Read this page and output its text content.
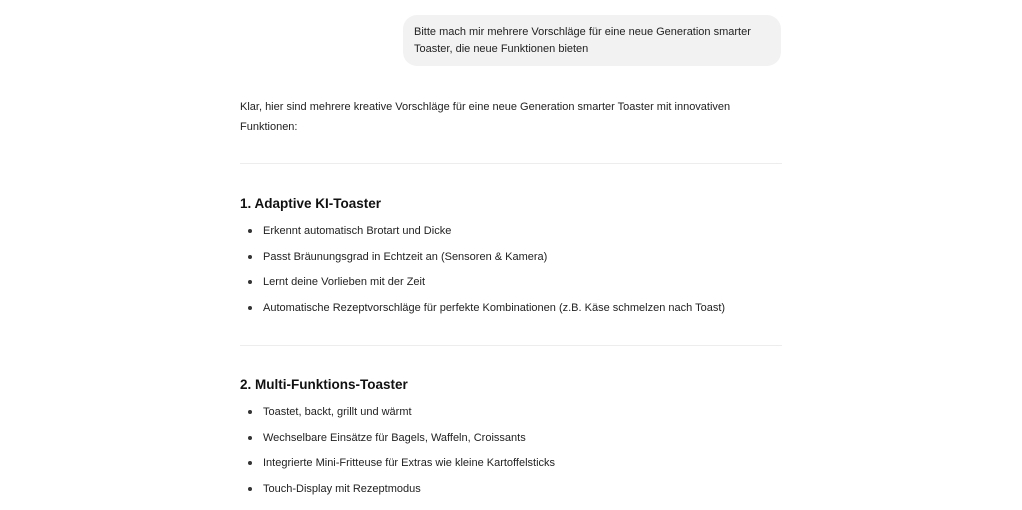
Bitte mach mir mehrere Vorschläge für eine neue Generation smarter
Toaster, die neue Funktionen bieten
Klar, hier sind mehrere kreative Vorschläge für eine neue Generation smarter Toaster mit innovativen Funktionen:
1. Adaptive KI-Toaster
Erkennt automatisch Brotart und Dicke
Passt Bräunungsgrad in Echtzeit an (Sensoren & Kamera)
Lernt deine Vorlieben mit der Zeit
Automatische Rezeptvorschläge für perfekte Kombinationen (z.B. Käse schmelzen nach Toast)
2. Multi-Funktions-Toaster
Toastet, backt, grillt und wärmt
Wechselbare Einsätze für Bagels, Waffeln, Croissants
Integrierte Mini-Fritteuse für Extras wie kleine Kartoffelsticks
Touch-Display mit Rezeptmodus
